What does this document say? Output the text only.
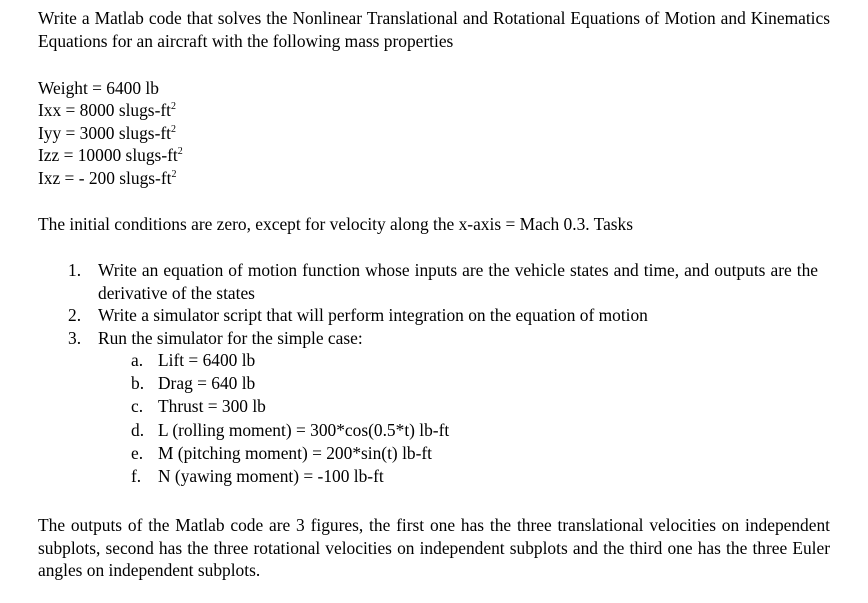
Write a Matlab code that solves the Nonlinear Translational and Rotational Equations of Motion and Kinematics Equations for an aircraft with the following mass properties

Weight = 6400 lb
Ixx = 8000 slugs-$ft^2$
Iyy = 3000 slugs-$ft^2$
Izz = 10000 slugs-$ft^2$
Ixz = - 200 slugs-$ft^2$

The initial conditions are zero, except for velocity along the x-axis = Mach 0.3. Tasks

1. Write an equation of motion function whose inputs are the vehicle states and time, and outputs are the derivative of the states
2. Write a simulator script that will perform integration on the equation of motion
3. Run the simulator for the simple case:
a. Lift = 6400 lb
b. Drag = 640 lb
c. Thrust = 300 lb
d. L (rolling moment) = 300*cos(0.5*t) lb-ft
e. M (pitching moment) = 200*sin(t) lb-ft
f. N (yawing moment) = -100 lb-ft

The outputs of the Matlab code are 3 figures, the first one has the three translational velocities on independent subplots, second has the three rotational velocities on independent subplots and the third one has the three Euler angles on independent subplots.
